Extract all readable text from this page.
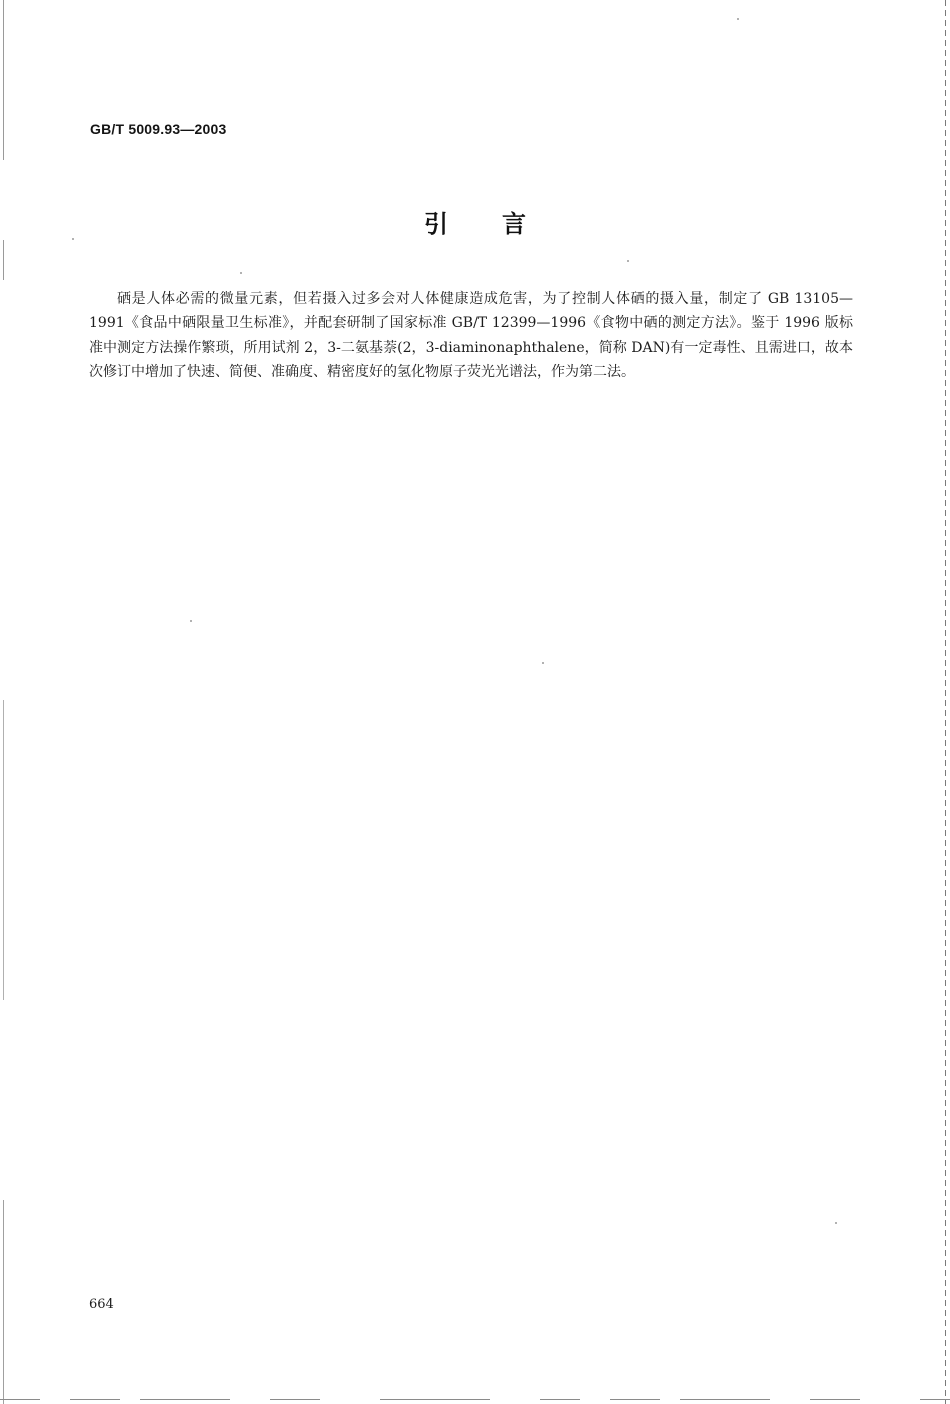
GB/T 5009.93—2003
引言
硒是人体必需的微量元素，但若摄入过多会对人体健康造成危害，为了控制人体硒的摄入量，制定了 GB 13105—1991《食品中硒限量卫生标准》，并配套研制了国家标准 GB/T 12399—1996《食物中硒的测定方法》。鉴于 1996 版标准中测定方法操作繁琐，所用试剂 2，3-二氨基萘(2，3-diaminonaphthalene，简称 DAN)有一定毒性、且需进口，故本次修订中增加了快速、简便、准确度、精密度好的氢化物原子荧光光谱法，作为第二法。
664
